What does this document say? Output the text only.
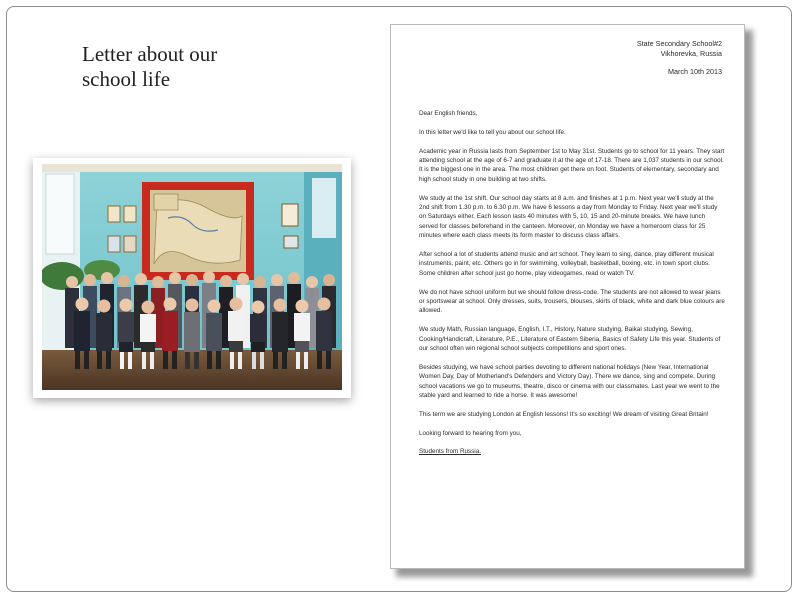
Letter about our
school life
State Secondary School#2
Vikhorevka, Russia
March 10th 2013

Dear English friends,

In this letter we'd like to tell you about our school life.

Academic year in Russia lasts from September 1st to May 31st. Students go to school for 11 years. They start attending school at the age of 6-7 and graduate it at the age of 17-18. There are 1,037 students in our school. It is the biggest one in the area. The most children get there on foot. Students of elementary, secondary and high school study in one building at two shifts.

We study at the 1st shift. Our school day starts at 8 a.m. and finishes at 1 p.m. Next year we'll study at the 2nd shift from 1.30 p.m. to 6.30 p.m. We have 6 lessons a day from Monday to Friday. Next year we'll study on Saturdays either. Each lesson lasts 40 minutes with 5, 10, 15 and 20-minute breaks. We have lunch served for classes beforehand in the canteen. Moreover, on Monday we have a homeroom class for 25 minutes where each class meets its form master to discuss class affairs.

After school a lot of students attend music and art school. They learn to sing, dance, play different musical instruments, paint, etc. Others go in for swimming, volleyball, basketball, boxing, etc. in town sport clubs. Some children after school just go home, play videogames, read or watch TV.

We do not have school uniform but we should follow dress-code. The students are not allowed to wear jeans or sportswear at school. Only dresses, suits, trousers, blouses, skirts of black, white and dark blue colours are allowed.

We study Math, Russian language, English, I.T., History, Nature studying, Baikal studying, Sewing, Cooking/Handicraft, Literature, P.E., Literature of Eastern Siberia, Basics of Safety Life this year. Students of our school often win regional school subjects competitions and sport ones.

Besides studying, we have school parties devoting to different national holidays (New Year, International Women Day, Day of Motherland's Defenders and Victory Day). There we dance, sing and compete. During school vacations we go to museums, theatre, disco or cinema with our classmates. Last year we went to the stable yard and learned to ride a horse. It was awesome!

This term we are studying London at English lessons! It's so exciting! We dream of visiting Great Britain!

Looking forward to hearing from you,

Students from Russia.
